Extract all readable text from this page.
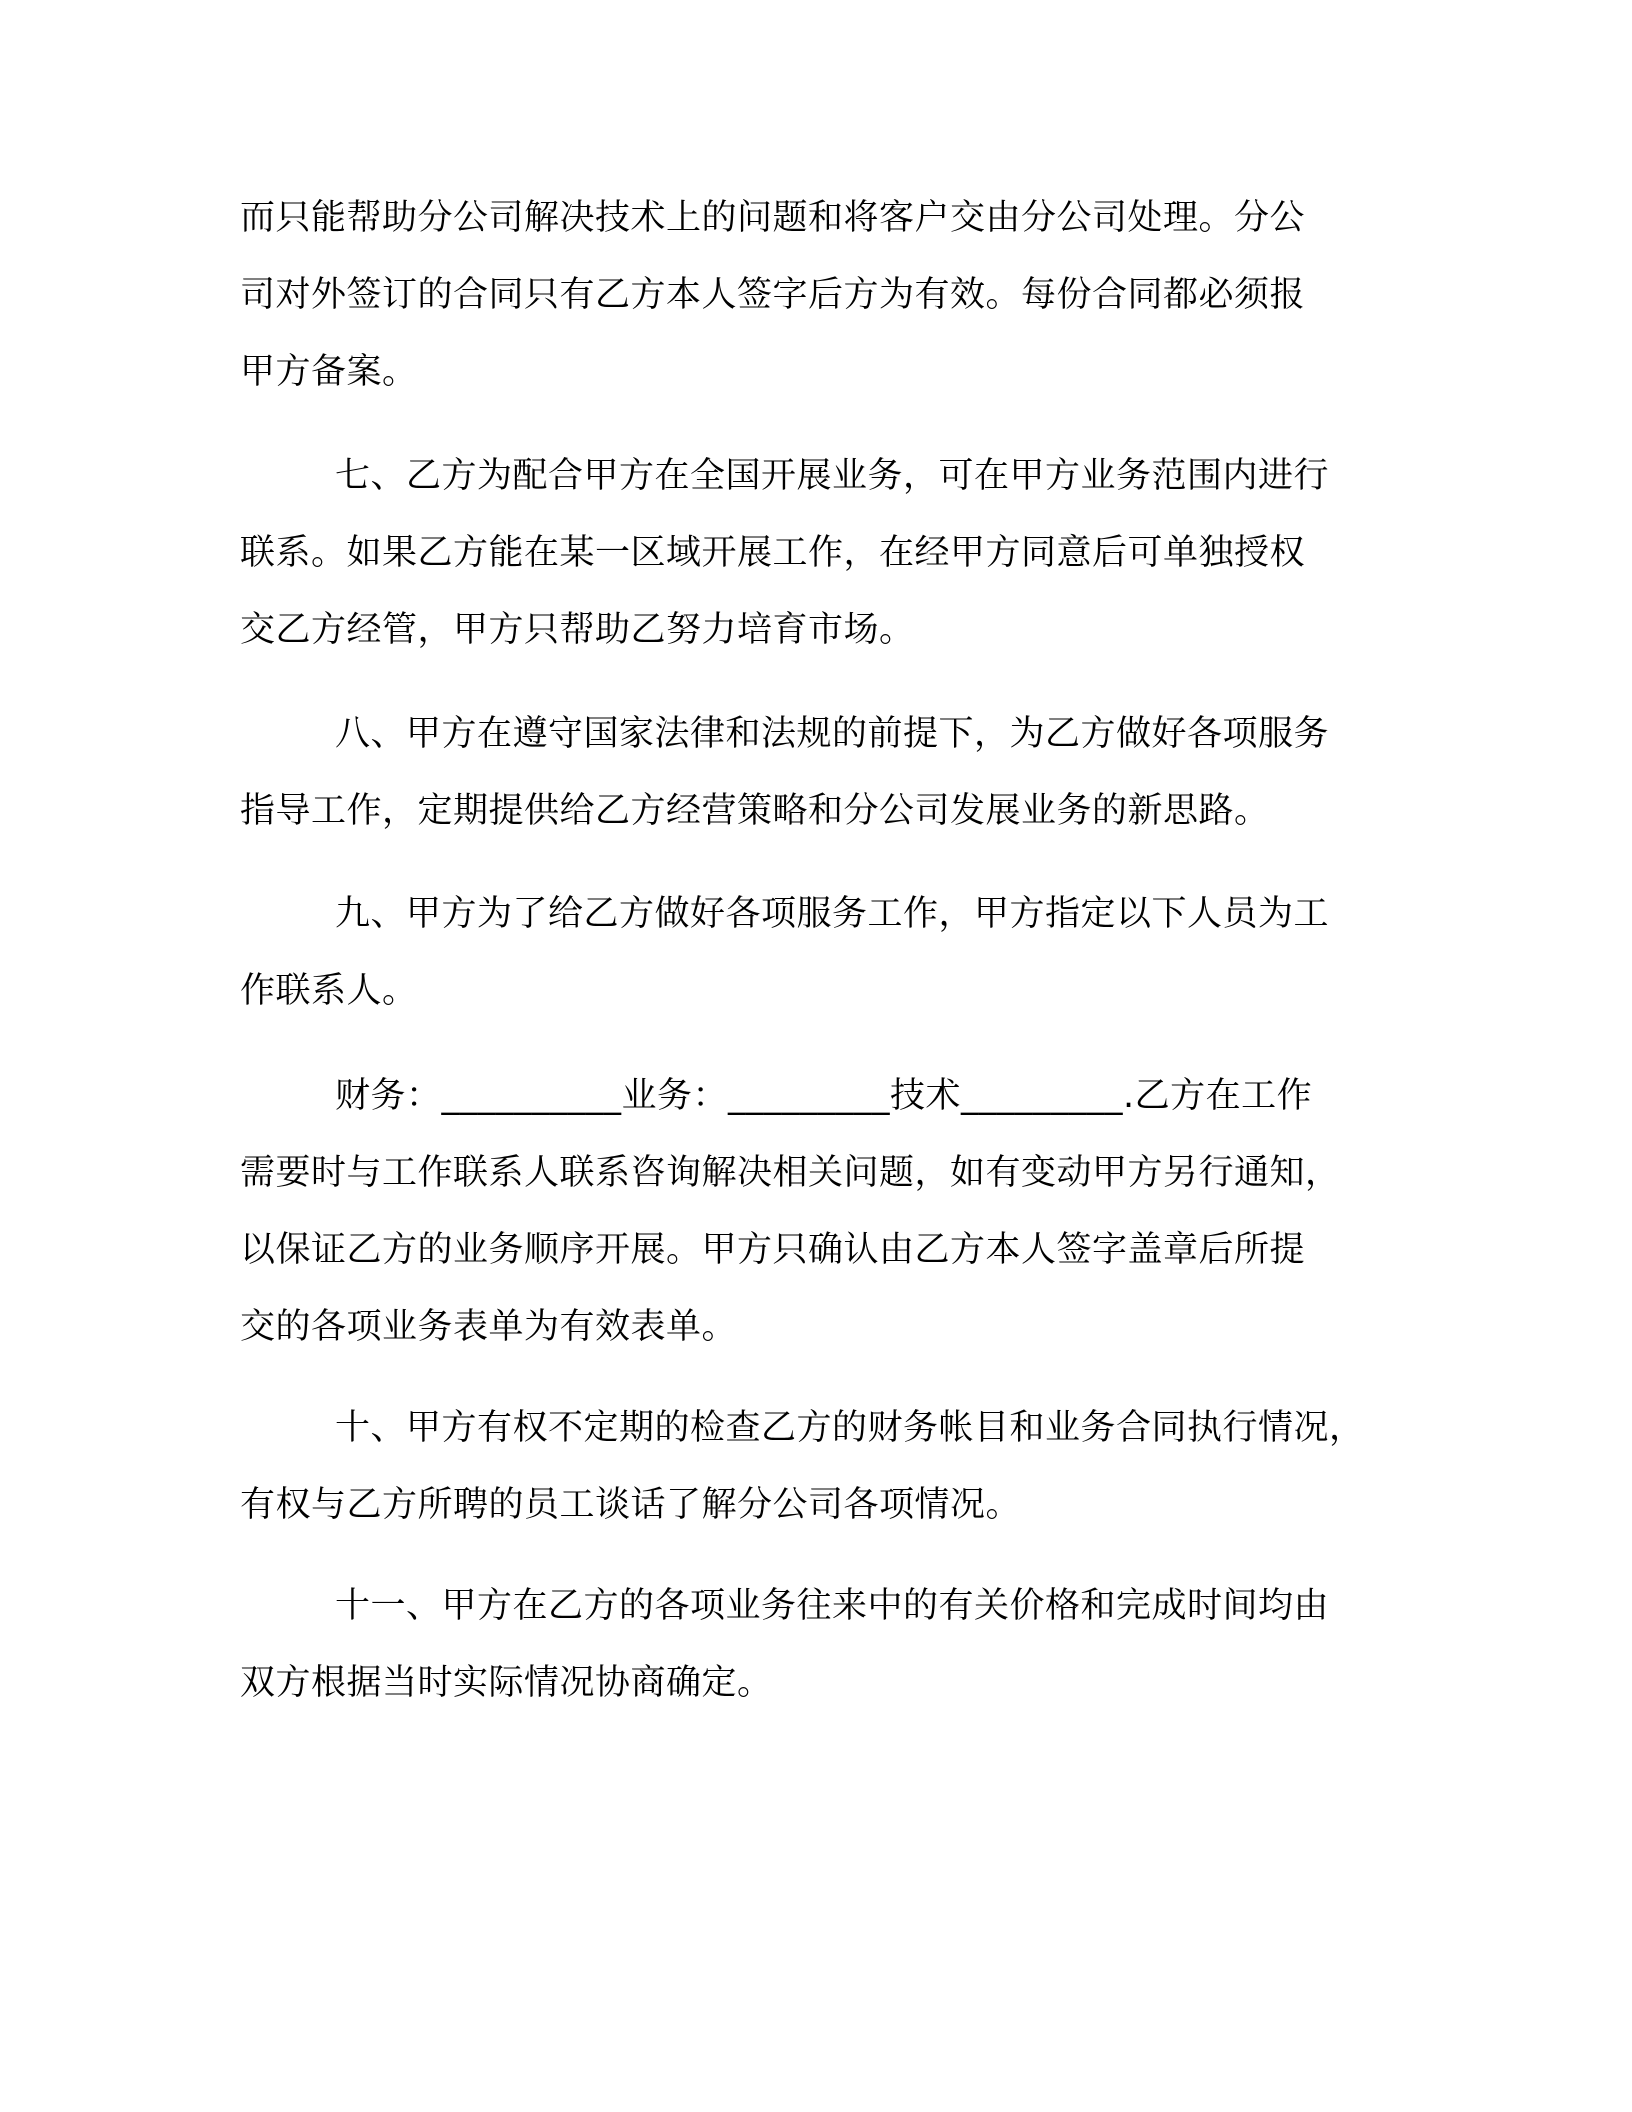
而只能帮助分公司解决技术上的问题和将客户交由分公司处理。分公
司对外签订的合同只有乙方本人签字后方为有效。每份合同都必须报
甲方备案。
七、乙方为配合甲方在全国开展业务，可在甲方业务范围内进行
联系。如果乙方能在某一区域开展工作，在经甲方同意后可单独授权
交乙方经管，甲方只帮助乙努力培育市场。
八、甲方在遵守国家法律和法规的前提下，为乙方做好各项服务
指导工作，定期提供给乙方经营策略和分公司发展业务的新思路。
九、甲方为了给乙方做好各项服务工作，甲方指定以下人员为工
作联系人。
财务：__________业务：_________技术_________.乙方在工作
需要时与工作联系人联系咨询解决相关问题，如有变动甲方另行通知，
以保证乙方的业务顺序开展。甲方只确认由乙方本人签字盖章后所提
交的各项业务表单为有效表单。
十、甲方有权不定期的检查乙方的财务帐目和业务合同执行情况，
有权与乙方所聘的员工谈话了解分公司各项情况。
十一、甲方在乙方的各项业务往来中的有关价格和完成时间均由
双方根据当时实际情况协商确定。
